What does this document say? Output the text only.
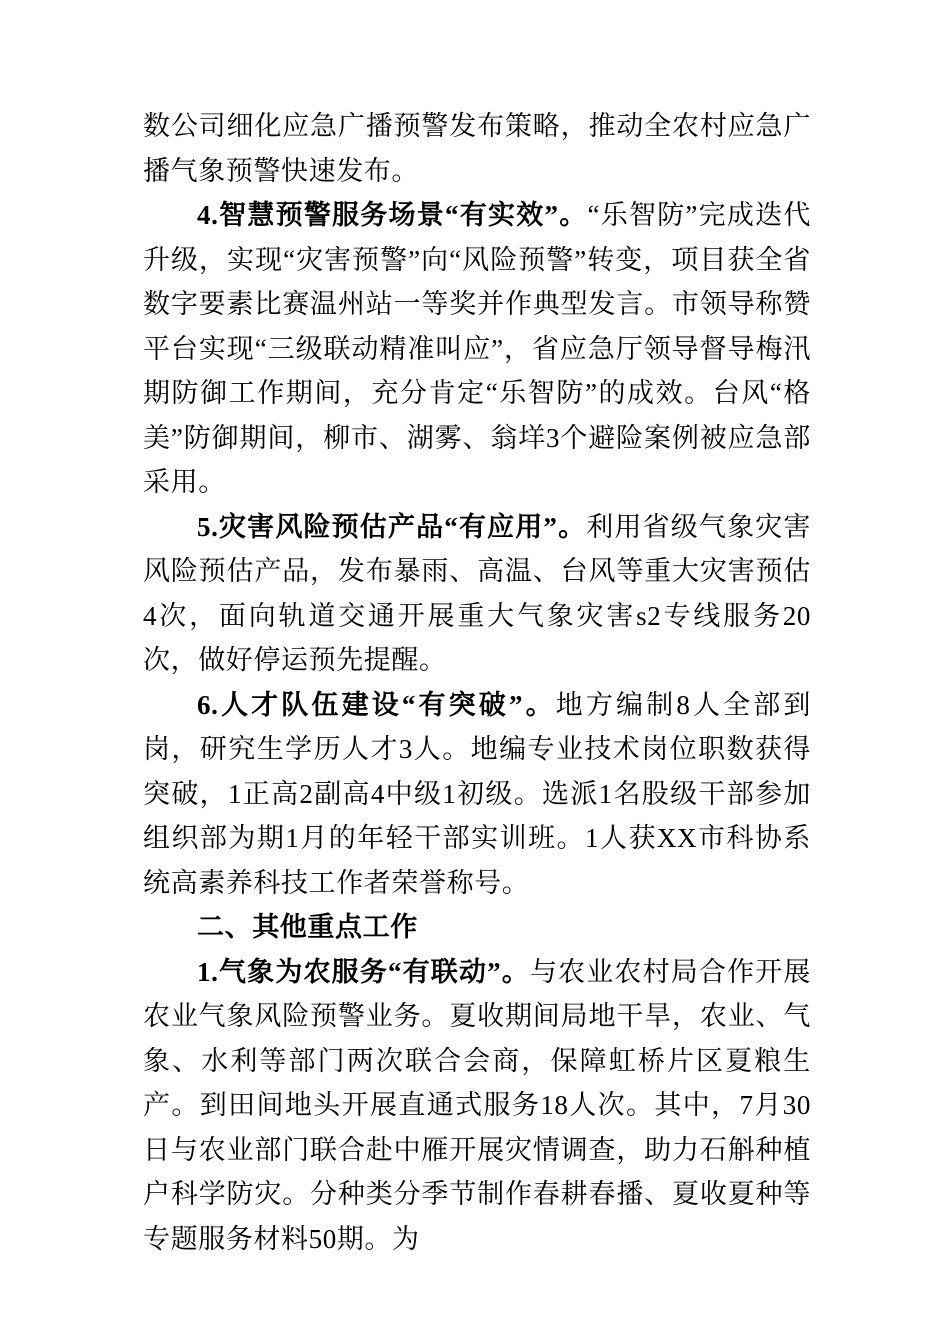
数公司细化应急广播预警发布策略，推动全农村应急广播气象预警快速发布。

4.智慧预警服务场景“有实效”。“乐智防”完成迭代升级，实现“灾害预警”向“风险预警”转变，项目获全省数字要素比赛温州站一等奖并作典型发言。市领导称赞平台实现“三级联动精准叫应”，省应急厅领导督导梅汛期防御工作期间，充分肯定“乐智防”的成效。台风“格美”防御期间，柳市、湖雾、翁垟3个避险案例被应急部采用。

5.灾害风险预估产品“有应用”。利用省级气象灾害风险预估产品，发布暴雨、高温、台风等重大灾害预估4次，面向轨道交通开展重大气象灾害s2专线服务20次，做好停运预先提醒。

6.人才队伍建设“有突破”。地方编制8人全部到岗，研究生学历人才3人。地编专业技术岗位职数获得突破，1正高2副高4中级1初级。选派1名股级干部参加组织部为期1月的年轻干部实训班。1人获XX市科协系统高素养科技工作者荣誉称号。

二、其他重点工作

1.气象为农服务“有联动”。与农业农村局合作开展农业气象风险预警业务。夏收期间局地干旱，农业、气象、水利等部门两次联合会商，保障虹桥片区夏粮生产。到田间地头开展直通式服务18人次。其中，7月30日与农业部门联合赴中雁开展灾情调查，助力石斛种植户科学防灾。分种类分季节制作春耕春播、夏收夏种等专题服务材料50期。为
